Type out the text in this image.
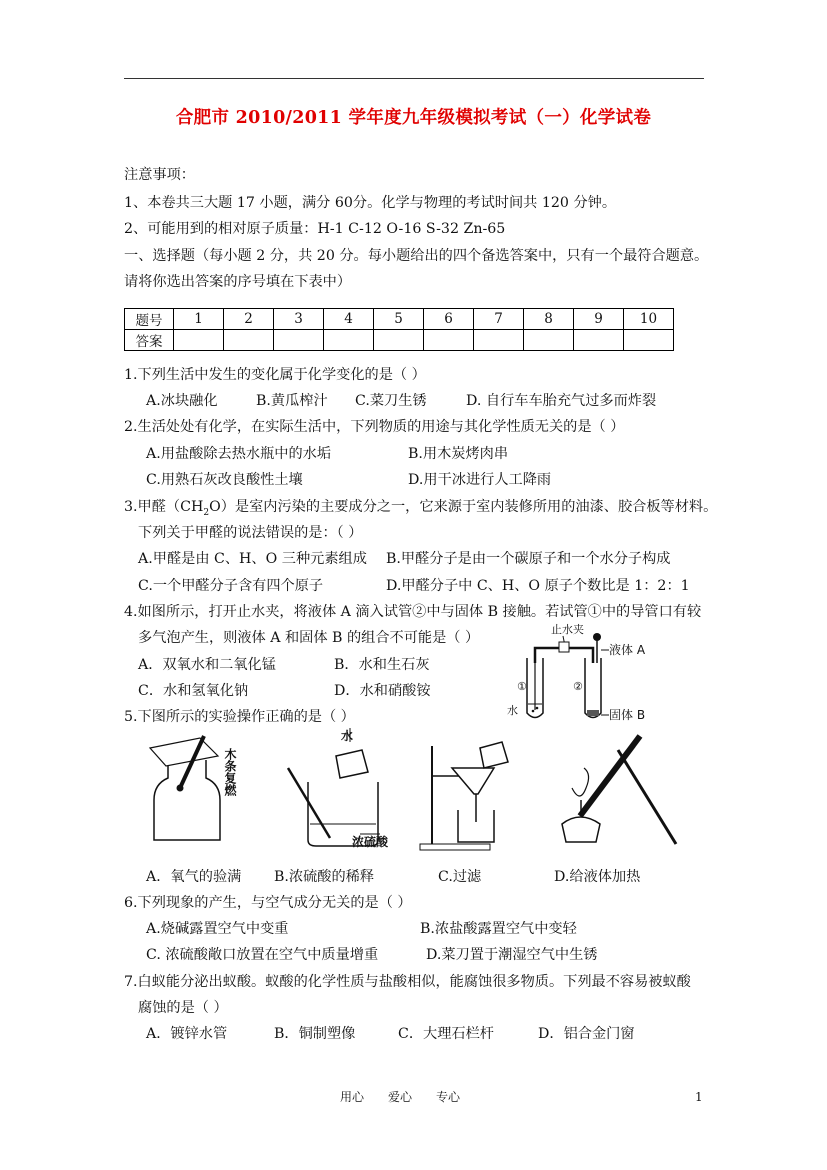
合肥市 2010/2011 学年度九年级模拟考试（一）化学试卷
注意事项：
1、本卷共三大题 17 小题，满分 60分。化学与物理的考试时间共 120 分钟。
2、可能用到的相对原子质量：H-1 C-12 O-16 S-32 Zn-65
一、选择题（每小题 2 分，共 20 分。每小题给出的四个备选答案中，只有一个最符合题意。
请将你选出答案的序号填在下表中）
题号	1	2	3	4	5	6	7	8	9	10
答案										
1.下列生活中发生的变化属于化学变化的是（ ）
A.冰块融化	B.黄瓜榨汁 C.菜刀生锈	D. 自行车车胎充气过多而炸裂
2.生活处处有化学，在实际生活中，下列物质的用途与其化学性质无关的是（ ）
A.用盐酸除去热水瓶中的水垢	B.用木炭烤肉串
C.用熟石灰改良酸性土壤	D.用干冰进行人工降雨
3.甲醛$(CH_2O)$是室内污染的主要成分之一，它来源于室内装修所用的油漆、胶合板等材料。
下列关于甲醛的说法错误的是：（ ）
A.甲醛是由 C、H、O 三种元素组成 B.甲醛分子是由一个碳原子和一个水分子构成
C.一个甲醛分子含有四个原子	D.甲醛分子中 C、H、O 原子个数比是 1：2：1
4.如图所示，打开止水夹，将液体 A 滴入试管②中与固体 B 接触。若试管①中的导管口有较
多气泡产生，则液体 A 和固体 B 的组合不可能是（ ）
A．双氧水和二氧化锰	B．水和生石灰
C．水和氢氧化钠	D．水和硝酸铵
止水夹
①
水
②
液体 A
固体 B
5.下图所示的实验操作正确的是（ ）
木条复燃
水
浓硫酸
A．氧气的验满 B.浓硫酸的稀释	C.过滤	D.给液体加热
6.下列现象的产生，与空气成分无关的是（ ）
A.烧碱露置空气中变重	B.浓盐酸露置空气中变轻
C. 浓硫酸敞口放置在空气中质量增重	D.菜刀置于潮湿空气中生锈
7.白蚁能分泌出蚁酸。蚁酸的化学性质与盐酸相似，能腐蚀很多物质。下列最不容易被蚁酸
腐蚀的是（ ）
A．镀锌水管	B．铜制塑像	C．大理石栏杆	D．铝合金门窗
用心 爱心 专心	1
